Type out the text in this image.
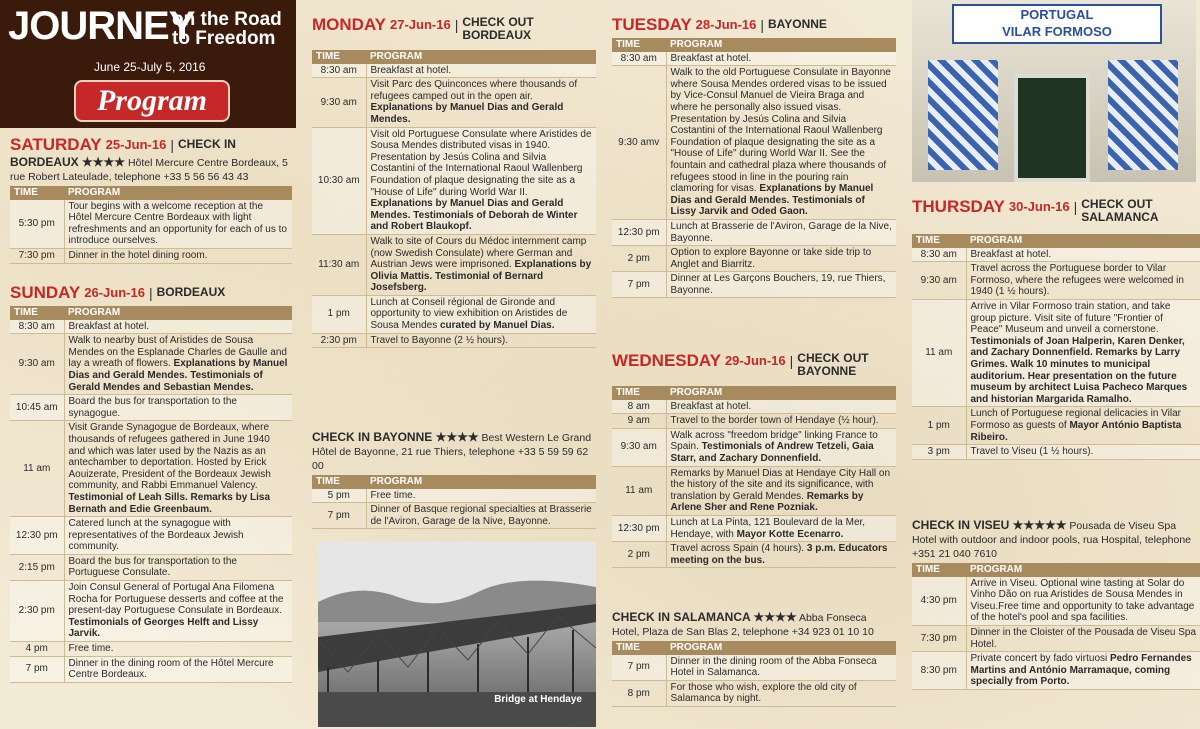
JOURNEY
on the Road
to Freedom
June 25-July 5, 2016
Program
SATURDAY 25-Jun-16 | CHECK IN
BORDEAUX ★★★★ Hôtel Mercure Centre Bordeaux, 5 rue Robert Lateulade, telephone +33 5 56 56 43 43
TIME	PROGRAM
5:30 pm	Tour begins with a welcome reception at the Hôtel Mercure Centre Bordeaux with light refreshments and an opportunity for each of us to introduce ourselves.
7:30 pm	Dinner in the hotel dining room.
SUNDAY 26-Jun-16 | BORDEAUX
TIME	PROGRAM
8:30 am	Breakfast at hotel.
9:30 am	Walk to nearby bust of Aristides de Sousa Mendes on the Esplanade Charles de Gaulle and lay a wreath of flowers. Explanations by Manuel Dias and Gerald Mendes. Testimonials of Gerald Mendes and Sebastian Mendes.
10:45 am	Board the bus for transportation to the synagogue.
11 am	Visit Grande Synagogue de Bordeaux, where thousands of refugees gathered in June 1940 and which was later used by the Nazis as an antechamber to deportation. Hosted by Erick Aouizerate, President of the Bordeaux Jewish community, and Rabbi Emmanuel Valency. Testimonial of Leah Sills. Remarks by Lisa Bernath and Edie Greenbaum.
12:30 pm	Catered lunch at the synagogue with representatives of the Bordeaux Jewish community.
2:15 pm	Board the bus for transportation to the Portuguese Consulate.
2:30 pm	Join Consul General of Portugal Ana Filomena Rocha for Portuguese desserts and coffee at the present-day Portuguese Consulate in Bordeaux. Testimonials of Georges Helft and Lissy Jarvik.
4 pm	Free time.
7 pm	Dinner in the dining room of the Hôtel Mercure Centre Bordeaux.
MONDAY 27-Jun-16 | CHECK OUT
BORDEAUX
TIME	PROGRAM
8:30 am	Breakfast at hotel.
9:30 am	Visit Parc des Quinconces where thousands of refugees camped out in the open air. Explanations by Manuel Dias and Gerald Mendes.
10:30 am	Visit old Portuguese Consulate where Aristides de Sousa Mendes distributed visas in 1940. Presentation by Jesús Colina and Silvia Costantini of the International Raoul Wallenberg Foundation of plaque designating the site as a "House of Life" during World War II. Explanations by Manuel Dias and Gerald Mendes. Testimonials of Deborah de Winter and Robert Blaukopf.
11:30 am	Walk to site of Cours du Médoc internment camp (now Swedish Consulate) where German and Austrian Jews were imprisoned. Explanations by Olivia Mattis. Testimonial of Bernard Josefsberg.
1 pm	Lunch at Conseil régional de Gironde and opportunity to view exhibition on Aristides de Sousa Mendes curated by Manuel Dias.
2:30 pm	Travel to Bayonne (2 ½ hours).
CHECK IN BAYONNE ★★★★ Best Western Le Grand Hôtel de Bayonne, 21 rue Thiers, telephone +33 5 59 59 62 00
TIME	PROGRAM
5 pm	Free time.
7 pm	Dinner of Basque regional specialties at Brasserie de l'Aviron, Garage de la Nive, Bayonne.
Bridge at Hendaye
TUESDAY 28-Jun-16 | BAYONNE
TIME	PROGRAM
8:30 am	Breakfast at hotel.
9:30 amv	Walk to the old Portuguese Consulate in Bayonne where Sousa Mendes ordered visas to be issued by Vice-Consul Manuel de Vieira Braga and where he personally also issued visas. Presentation by Jesús Colina and Silvia Costantini of the International Raoul Wallenberg Foundation of plaque designating the site as a "House of Life" during World War II. See the fountain and cathedral plaza where thousands of refugees stood in line in the pouring rain clamoring for visas. Explanations by Manuel Dias and Gerald Mendes. Testimonials of Lissy Jarvik and Oded Gaon.
12:30 pm	Lunch at Brasserie de l'Aviron, Garage de la Nive, Bayonne.
2 pm	Option to explore Bayonne or take side trip to Anglet and Biarritz.
7 pm	Dinner at Les Garçons Bouchers, 19, rue Thiers, Bayonne.
WEDNESDAY 29-Jun-16 | CHECK OUT
BAYONNE
TIME	PROGRAM
8 am	Breakfast at hotel.
9 am	Travel to the border town of Hendaye (½ hour).
9:30 am	Walk across "freedom bridge" linking France to Spain. Testimonials of Andrew Tetzeli, Gaia Starr, and Zachary Donnenfield.
11 am	Remarks by Manuel Dias at Hendaye City Hall on the history of the site and its significance, with translation by Gerald Mendes. Remarks by Arlene Sher and Rene Pozniak.
12:30 pm	Lunch at La Pinta, 121 Boulevard de la Mer, Hendaye, with Mayor Kotte Ecenarro.
2 pm	Travel across Spain (4 hours). 3 p.m. Educators meeting on the bus.
CHECK IN SALAMANCA ★★★★ Abba Fonseca Hotel, Plaza de San Blas 2, telephone +34 923 01 10 10
TIME	PROGRAM
7 pm	Dinner in the dining room of the Abba Fonseca Hotel in Salamanca.
8 pm	For those who wish, explore the old city of Salamanca by night.
PORTUGAL
VILAR FORMOSO
THURSDAY 30-Jun-16 | CHECK OUT
SALAMANCA
TIME	PROGRAM
8:30 am	Breakfast at hotel.
9:30 am	Travel across the Portuguese border to Vilar Formoso, where the refugees were welcomed in 1940 (1 ½ hours).
11 am	Arrive in Vilar Formoso train station, and take group picture. Visit site of future "Frontier of Peace" Museum and unveil a cornerstone. Testimonials of Joan Halperin, Karen Denker, and Zachary Donnenfield. Remarks by Larry Grimes. Walk 10 minutes to municipal auditorium. Hear presentation on the future museum by architect Luisa Pacheco Marques and historian Margarida Ramalho.
1 pm	Lunch of Portuguese regional delicacies in Vilar Formoso as guests of Mayor António Baptista Ribeiro.
3 pm	Travel to Viseu (1 ½ hours).
CHECK IN VISEU ★★★★★ Pousada de Viseu Spa Hotel with outdoor and indoor pools, rua Hospital, telephone +351 21 040 7610
TIME	PROGRAM
4:30 pm	Arrive in Viseu. Optional wine tasting at Solar do Vinho Dão on rua Aristides de Sousa Mendes in Viseu.Free time and opportunity to take advantage of the hotel's pool and spa facilities.
7:30 pm	Dinner in the Cloister of the Pousada de Viseu Spa Hotel.
8:30 pm	Private concert by fado virtuosi Pedro Fernandes Martins and António Marramaque, coming specially from Porto.
